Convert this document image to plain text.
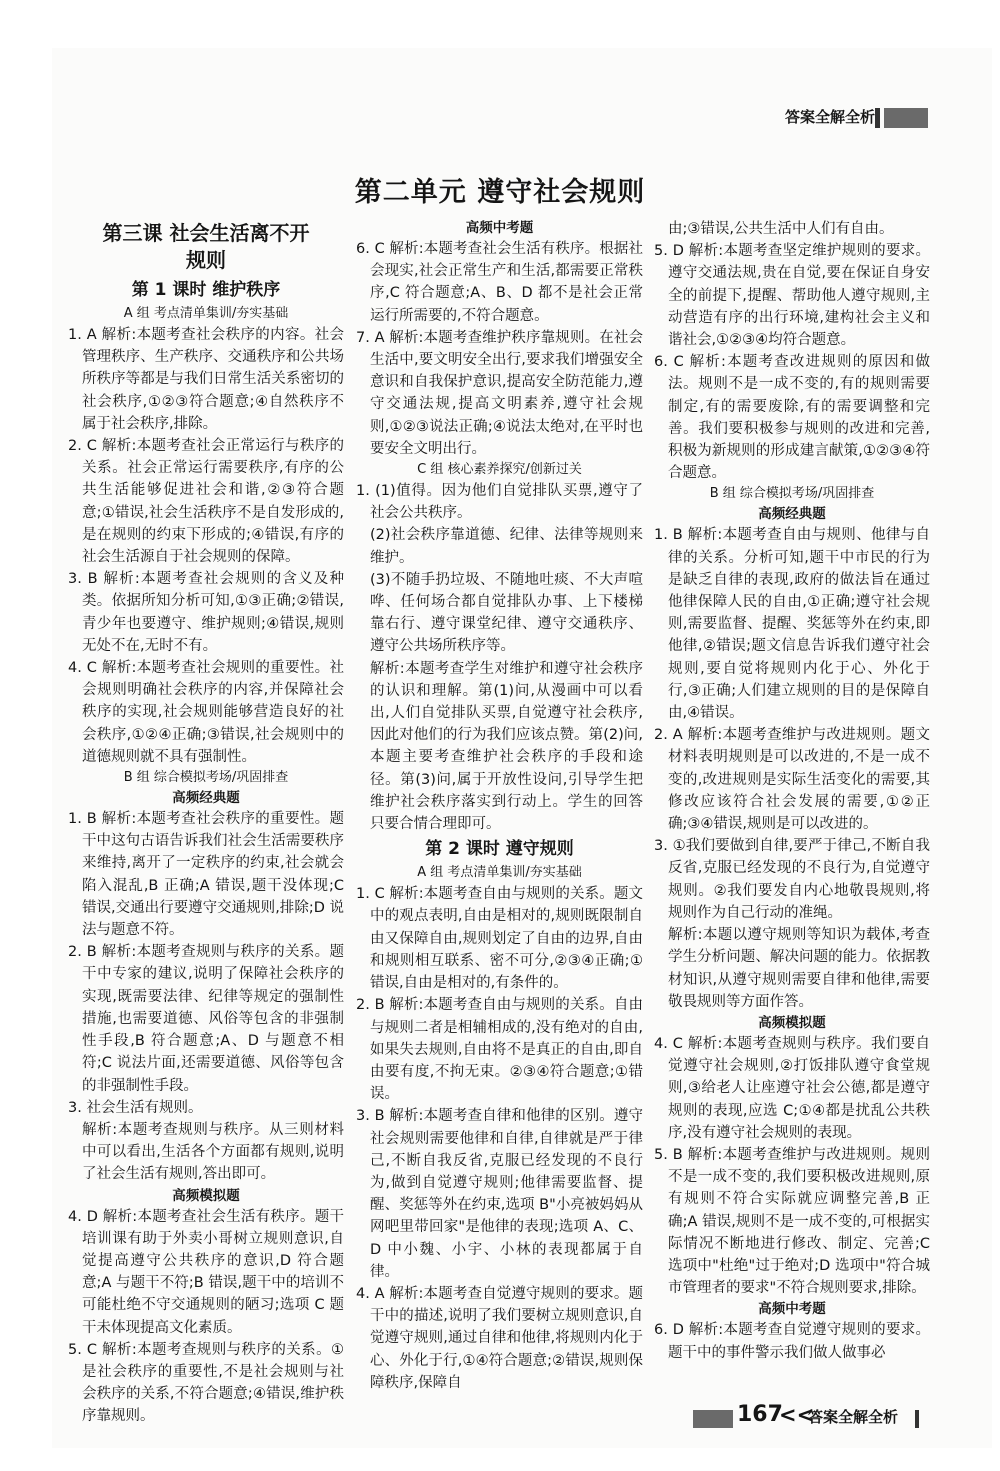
答案全解全析
第二单元 遵守社会规则
第三课 社会生活离不开
规则
第 1 课时 维护秩序
A 组 考点清单集训/夯实基础

1. A 解析:本题考查社会秩序的内容。社会管理秩序、生产秩序、交通秩序和公共场所秩序等都是与我们日常生活关系密切的社会秩序,①②③符合题意;④自然秩序不属于社会秩序,排除。

2. C 解析:本题考查社会正常运行与秩序的关系。社会正常运行需要秩序,有序的公共生活能够促进社会和谐,②③符合题意;①错误,社会生活秩序不是自发形成的,是在规则的约束下形成的;④错误,有序的社会生活源自于社会规则的保障。

3. B 解析:本题考查社会规则的含义及种类。依据所知分析可知,①③正确;②错误,青少年也要遵守、维护规则;④错误,规则无处不在,无时不有。

4. C 解析:本题考查社会规则的重要性。社会规则明确社会秩序的内容,并保障社会秩序的实现,社会规则能够营造良好的社会秩序,①②④正确;③错误,社会规则中的道德规则就不具有强制性。

B 组 综合模拟考场/巩固排查
高频经典题

1. B 解析:本题考查社会秩序的重要性。题干中这句古语告诉我们社会生活需要秩序来维持,离开了一定秩序的约束,社会就会陷入混乱,B 正确;A 错误,题干没体现;C 错误,交通出行要遵守交通规则,排除;D 说法与题意不符。

2. B 解析:本题考查规则与秩序的关系。题干中专家的建议,说明了保障社会秩序的实现,既需要法律、纪律等规定的强制性措施,也需要道德、风俗等包含的非强制性手段,B 符合题意;A、D 与题意不相符;C 说法片面,还需要道德、风俗等包含的非强制性手段。

3. 社会生活有规则。

解析:本题考查规则与秩序。从三则材料中可以看出,生活各个方面都有规则,说明了社会生活有规则,答出即可。

高频模拟题

4. D 解析:本题考查社会生活有秩序。题干培训课有助于外卖小哥树立规则意识,自觉提高遵守公共秩序的意识,D 符合题意;A 与题干不符;B 错误,题干中的培训不可能杜绝不守交通规则的陋习;选项 C 题干未体现提高文化素质。

5. C 解析:本题考查规则与秩序的关系。①是社会秩序的重要性,不是社会规则与社会秩序的关系,不符合题意;④错误,维护秩序靠规则。

高频中考题

6. C 解析:本题考查社会生活有秩序。根据社会现实,社会正常生产和生活,都需要正常秩序,C 符合题意;A、B、D 都不是社会正常运行所需要的,不符合题意。

7. A 解析:本题考查维护秩序靠规则。在社会生活中,要文明安全出行,要求我们增强安全意识和自我保护意识,提高安全防范能力,遵守交通法规,提高文明素养,遵守社会规则,①②③说法正确;④说法太绝对,在平时也要安全文明出行。

C 组 核心素养探究/创新过关

1. (1)值得。因为他们自觉排队买票,遵守了社会公共秩序。

(2)社会秩序靠道德、纪律、法律等规则来维护。

(3)不随手扔垃圾、不随地吐痰、不大声喧哗、任何场合都自觉排队办事、上下楼梯靠右行、遵守课堂纪律、遵守交通秩序、遵守公共场所秩序等。

解析:本题考查学生对维护和遵守社会秩序的认识和理解。第(1)问,从漫画中可以看出,人们自觉排队买票,自觉遵守社会秩序,因此对他们的行为我们应该点赞。第(2)问,本题主要考查维护社会秩序的手段和途径。第(3)问,属于开放性设问,引导学生把维护社会秩序落实到行动上。学生的回答只要合情合理即可。

第 2 课时 遵守规则
A 组 考点清单集训/夯实基础

1. C 解析:本题考查自由与规则的关系。题文中的观点表明,自由是相对的,规则既限制自由又保障自由,规则划定了自由的边界,自由和规则相互联系、密不可分,②③④正确;①错误,自由是相对的,有条件的。

2. B 解析:本题考查自由与规则的关系。自由与规则二者是相辅相成的,没有绝对的自由,如果失去规则,自由将不是真正的自由,即自由要有度,不拘无束。②③④符合题意;①错误。

3. B 解析:本题考查自律和他律的区别。遵守社会规则需要他律和自律,自律就是严于律己,不断自我反省,克服已经发现的不良行为,做到自觉遵守规则;他律需要监督、提醒、奖惩等外在约束,选项 B"小亮被妈妈从网吧里带回家"是他律的表现;选项 A、C、D 中小魏、小宇、小林的表现都属于自律。

4. A 解析:本题考查自觉遵守规则的要求。题干中的描述,说明了我们要树立规则意识,自觉遵守规则,通过自律和他律,将规则内化于心、外化于行,①④符合题意;②错误,规则保障秩序,保障自

由;③错误,公共生活中人们有自由。

5. D 解析:本题考查坚定维护规则的要求。遵守交通法规,贵在自觉,要在保证自身安全的前提下,提醒、帮助他人遵守规则,主动营造有序的出行环境,建构社会主义和谐社会,①②③④均符合题意。

6. C 解析:本题考查改进规则的原因和做法。规则不是一成不变的,有的规则需要制定,有的需要废除,有的需要调整和完善。我们要积极参与规则的改进和完善,积极为新规则的形成建言献策,①②③④符合题意。

B 组 综合模拟考场/巩固排查
高频经典题

1. B 解析:本题考查自由与规则、他律与自律的关系。分析可知,题干中市民的行为是缺乏自律的表现,政府的做法旨在通过他律保障人民的自由,①正确;遵守社会规则,需要监督、提醒、奖惩等外在约束,即他律,②错误;题文信息告诉我们遵守社会规则,要自觉将规则内化于心、外化于行,③正确;人们建立规则的目的是保障自由,④错误。

2. A 解析:本题考查维护与改进规则。题文材料表明规则是可以改进的,不是一成不变的,改进规则是实际生活变化的需要,其修改应该符合社会发展的需要,①②正确;③④错误,规则是可以改进的。

3. ①我们要做到自律,要严于律己,不断自我反省,克服已经发现的不良行为,自觉遵守规则。②我们要发自内心地敬畏规则,将规则作为自己行动的准绳。

解析:本题以遵守规则等知识为载体,考查学生分析问题、解决问题的能力。依据教材知识,从遵守规则需要自律和他律,需要敬畏规则等方面作答。

高频模拟题

4. C 解析:本题考查规则与秩序。我们要自觉遵守社会规则,②打饭排队遵守食堂规则,③给老人让座遵守社会公德,都是遵守规则的表现,应选 C;①④都是扰乱公共秩序,没有遵守社会规则的表现。

5. B 解析:本题考查维护与改进规则。规则不是一成不变的,我们要积极改进规则,原有规则不符合实际就应调整完善,B 正确;A 错误,规则不是一成不变的,可根据实际情况不断地进行修改、制定、完善;C 选项中"杜绝"过于绝对;D 选项中"符合城市管理者的要求"不符合规则要求,排除。

高频中考题

6. D 解析:本题考查自觉遵守规则的要求。题干中的事件警示我们做人做事必

167
<<
答案全解全析
